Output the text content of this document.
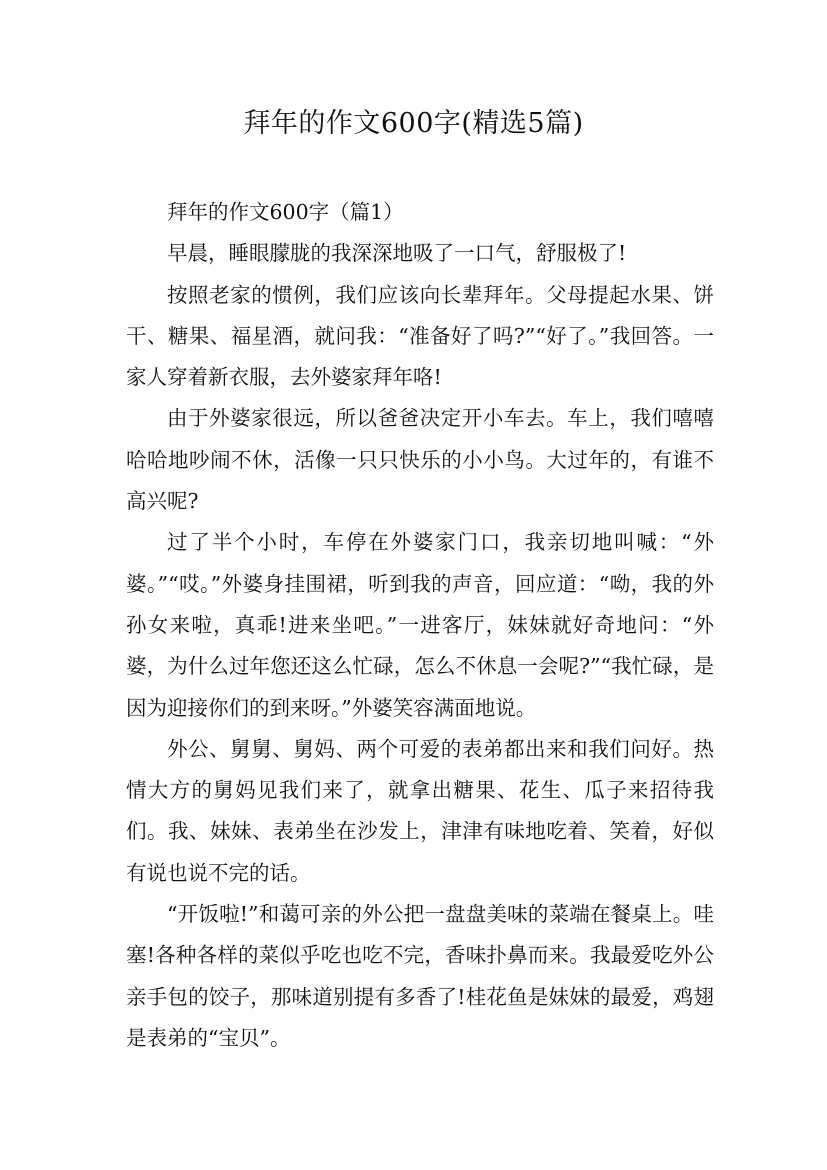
拜年的作文600字(精选5篇)

拜年的作文600字（篇1）

早晨，睡眼朦胧的我深深地吸了一口气，舒服极了!

按照老家的惯例，我们应该向长辈拜年。父母提起水果、饼干、糖果、福星酒，就问我：“准备好了吗?”“好了。”我回答。一家人穿着新衣服，去外婆家拜年咯!

由于外婆家很远，所以爸爸决定开小车去。车上，我们嘻嘻哈哈地吵闹不休，活像一只只快乐的小小鸟。大过年的，有谁不高兴呢?

过了半个小时，车停在外婆家门口，我亲切地叫喊：“外婆。”“哎。”外婆身挂围裙，听到我的声音，回应道：“呦，我的外孙女来啦，真乖!进来坐吧。”一进客厅，妹妹就好奇地问：“外婆，为什么过年您还这么忙碌，怎么不休息一会呢?”“我忙碌，是因为迎接你们的到来呀。”外婆笑容满面地说。

外公、舅舅、舅妈、两个可爱的表弟都出来和我们问好。热情大方的舅妈见我们来了，就拿出糖果、花生、瓜子来招待我们。我、妹妹、表弟坐在沙发上，津津有味地吃着、笑着，好似有说也说不完的话。

“开饭啦!”和蔼可亲的外公把一盘盘美味的菜端在餐桌上。哇塞!各种各样的菜似乎吃也吃不完，香味扑鼻而来。我最爱吃外公亲手包的饺子，那味道别提有多香了!桂花鱼是妹妹的最爱，鸡翅是表弟的“宝贝”。
